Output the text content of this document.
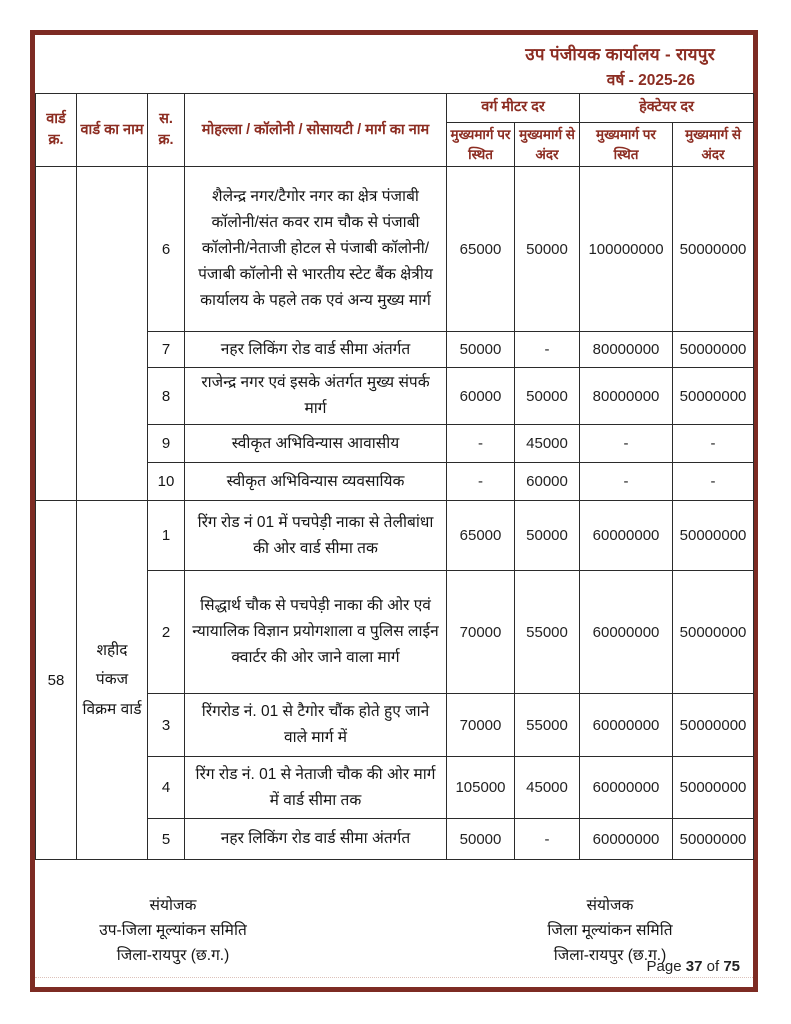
उप पंजीयक कार्यालय - रायपुर
वर्ष - 2025-26
वार्ड क्र.	वार्ड का नाम	स. क्र.	मोहल्ला / कॉलोनी / सोसायटी / मार्ग का नाम	वर्ग मीटर दर		हेक्टेयर दर	
				मुख्यमार्ग पर स्थित	मुख्यमार्ग से अंदर	मुख्यमार्ग पर स्थित	मुख्यमार्ग से अंदर
		6	शैलेन्द्र नगर/टैगोर नगर का क्षेत्र पंजाबी कॉलोनी/संत कवर राम चौक से पंजाबी कॉलोनी/नेताजी होटल से पंजाबी कॉलोनी/पंजाबी कॉलोनी से भारतीय स्टेट बैंक क्षेत्रीय कार्यालय के पहले तक एवं अन्य मुख्य मार्ग	65000	50000	100000000	50000000
		7	नहर लिकिंग रोड वार्ड सीमा अंतर्गत	50000	-	80000000	50000000
		8	राजेन्द्र नगर एवं इसके अंतर्गत मुख्य संपर्क मार्ग	60000	50000	80000000	50000000
		9	स्वीकृत अभिविन्यास आवासीय	-	45000	-	-
		10	स्वीकृत अभिविन्यास व्यवसायिक	-	60000	-	-
58	शहीद पंकज विक्रम वार्ड	1	रिंग रोड नं 01 में पचपेड़ी नाका से तेलीबांधा की ओर वार्ड सीमा तक	65000	50000	60000000	50000000
		2	सिद्धार्थ चौक से पचपेड़ी नाका की ओर एवं न्यायालिक विज्ञान प्रयोगशाला व पुलिस लाईन क्वार्टर की ओर जाने वाला मार्ग	70000	55000	60000000	50000000
		3	रिंगरोड नं. 01 से टैगोर चौंक होते हुए जाने वाले मार्ग में	70000	55000	60000000	50000000
		4	रिंग रोड नं. 01 से नेताजी चौक की ओर मार्ग में वार्ड सीमा तक	105000	45000	60000000	50000000
		5	नहर लिकिंग रोड वार्ड सीमा अंतर्गत	50000	-	60000000	50000000
संयोजक
उप-जिला मूल्यांकन समिति
जिला-रायपुर (छ.ग.)
संयोजक
जिला मूल्यांकन समिति
जिला-रायपुर (छ.ग.)
Page 37 of 75
